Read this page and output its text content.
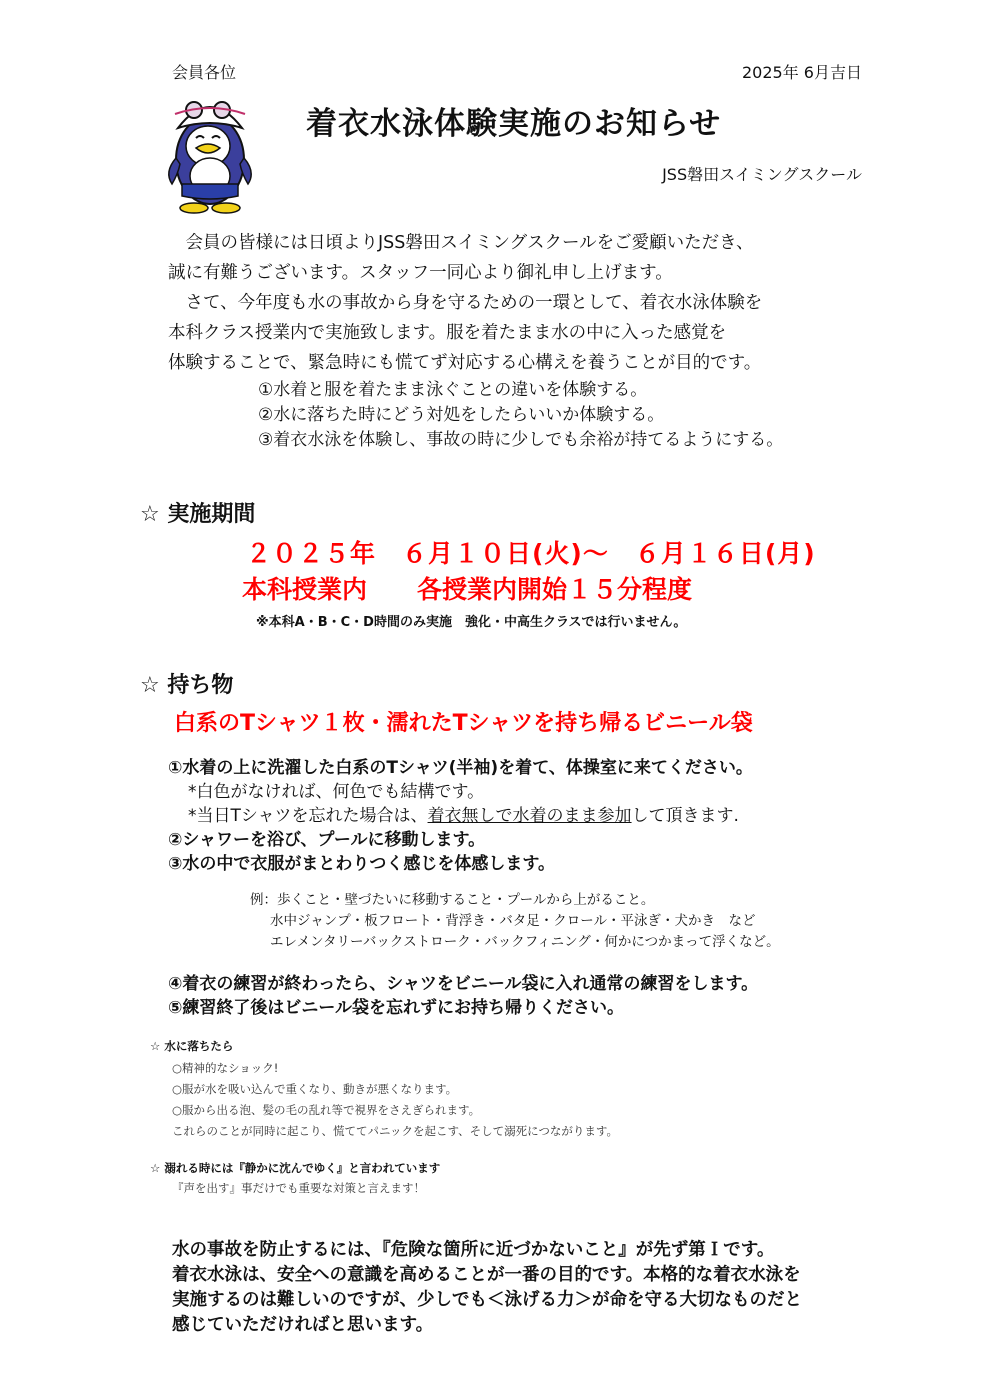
会員各位	2025年 6月吉日
着衣水泳体験実施のお知らせ
JSS磐田スイミングスクール
　会員の皆様には日頃よりJSS磐田スイミングスクールをご愛顧いただき、
誠に有難うございます。スタッフ一同心より御礼申し上げます。
　さて、今年度も水の事故から身を守るための一環として、着衣水泳体験を
本科クラス授業内で実施致します。服を着たまま水の中に入った感覚を
体験することで、緊急時にも慌てず対応する心構えを養うことが目的です。
①水着と服を着たまま泳ぐことの違いを体験する。
②水に落ちた時にどう対処をしたらいいか体験する。
③着衣水泳を体験し、事故の時に少しでも余裕が持てるようにする。
☆ 実施期間
２０２５年　６月１０日(火)〜　６月１６日(月)
本科授業内　　各授業内開始１５分程度
※本科A・B・C・D時間のみ実施　強化・中高生クラスでは行いません。
☆ 持ち物
白系のTシャツ１枚・濡れたTシャツを持ち帰るビニール袋
①水着の上に洗濯した白系のTシャツ(半袖)を着て、体操室に来てください。
*白色がなければ、何色でも結構です。
*当日Tシャツを忘れた場合は、着衣無しで水着のまま参加して頂きます.
②シャワーを浴び、プールに移動します。
③水の中で衣服がまとわりつく感じを体感します。
例：歩くこと・壁づたいに移動すること・プールから上がること。
水中ジャンプ・板フロート・背浮き・バタ足・クロール・平泳ぎ・犬かき　など
エレメンタリーバックストローク・バックフィニング・何かにつかまって浮くなど。
④着衣の練習が終わったら、シャツをビニール袋に入れ通常の練習をします。
⑤練習終了後はビニール袋を忘れずにお持ち帰りください。
☆ 水に落ちたら
○精神的なショック!
○服が水を吸い込んで重くなり、動きが悪くなります。
○服から出る泡、髪の毛の乱れ等で視界をさえぎられます。
これらのことが同時に起こり、慌ててパニックを起こす、そして溺死につながります。
☆ 溺れる時には『静かに沈んでゆく』と言われています
『声を出す』事だけでも重要な対策と言えます！
水の事故を防止するには、『危険な箇所に近づかないこと』が先ず第Ｉです。
着衣水泳は、安全への意識を高めることが一番の目的です。本格的な着衣水泳を
実施するのは難しいのですが、少しでも＜泳げる力＞が命を守る大切なものだと
感じていただければと思います。
